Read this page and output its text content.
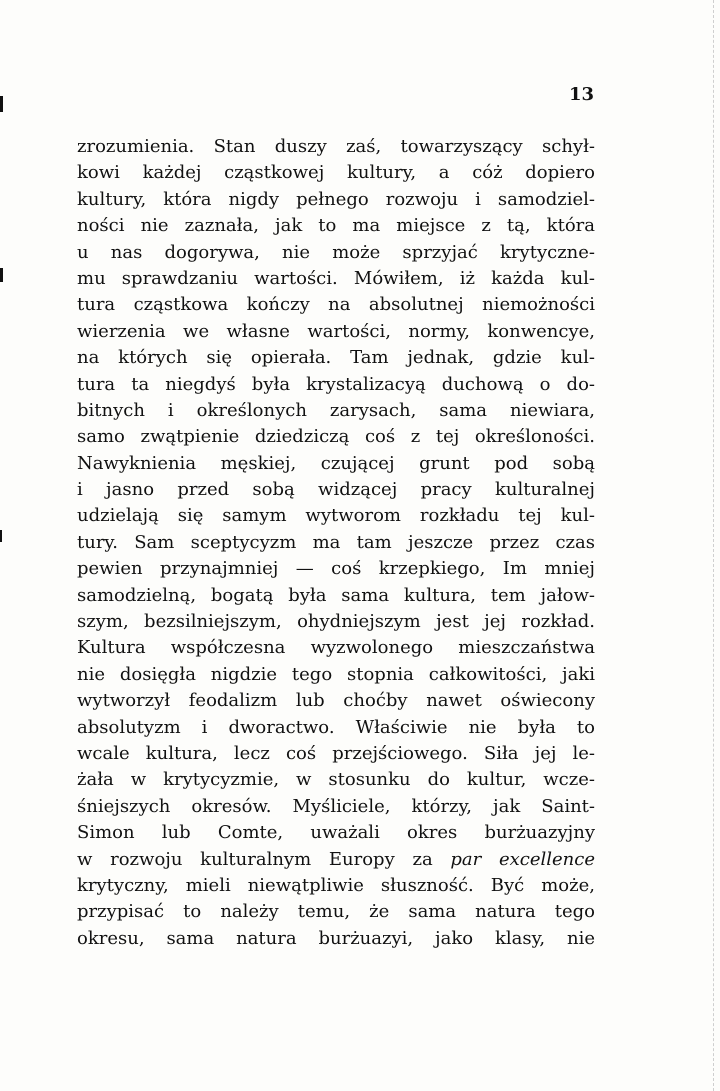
13
zrozumienia. Stan duszy zaś, towarzyszący schył-
kowi każdej cząstkowej kultury, a cóż dopiero
kultury, która nigdy pełnego rozwoju i samodziel-
ności nie zaznała, jak to ma miejsce z tą, która
u nas dogorywa, nie może sprzyjać krytyczne-
mu sprawdzaniu wartości. Mówiłem, iż każda kul-
tura cząstkowa kończy na absolutnej niemożności
wierzenia we własne wartości, normy, konwencye,
na których się opierała. Tam jednak, gdzie kul-
tura ta niegdyś była krystalizacyą duchową o do-
bitnych i określonych zarysach, sama niewiara,
samo zwątpienie dziedziczą coś z tej określoności.
Nawyknienia męskiej, czującej grunt pod sobą
i jasno przed sobą widzącej pracy kulturalnej
udzielają się samym wytworom rozkładu tej kul-
tury. Sam sceptycyzm ma tam jeszcze przez czas
pewien przynajmniej — coś krzepkiego, Im mniej
samodzielną, bogatą była sama kultura, tem jałow-
szym, bezsilniejszym, ohydniejszym jest jej rozkład.
Kultura współczesna wyzwolonego mieszczaństwa
nie dosięgła nigdzie tego stopnia całkowitości, jaki
wytworzył feodalizm lub choćby nawet oświecony
absolutyzm i dworactwo. Właściwie nie była to
wcale kultura, lecz coś przejściowego. Siła jej le-
żała w krytycyzmie, w stosunku do kultur, wcze-
śniejszych okresów. Myśliciele, którzy, jak Saint-
Simon lub Comte, uważali okres burżuazyjny
w rozwoju kulturalnym Europy za par excellence
krytyczny, mieli niewątpliwie słuszność. Być może,
przypisać to należy temu, że sama natura tego
okresu, sama natura burżuazyi, jako klasy, nie
